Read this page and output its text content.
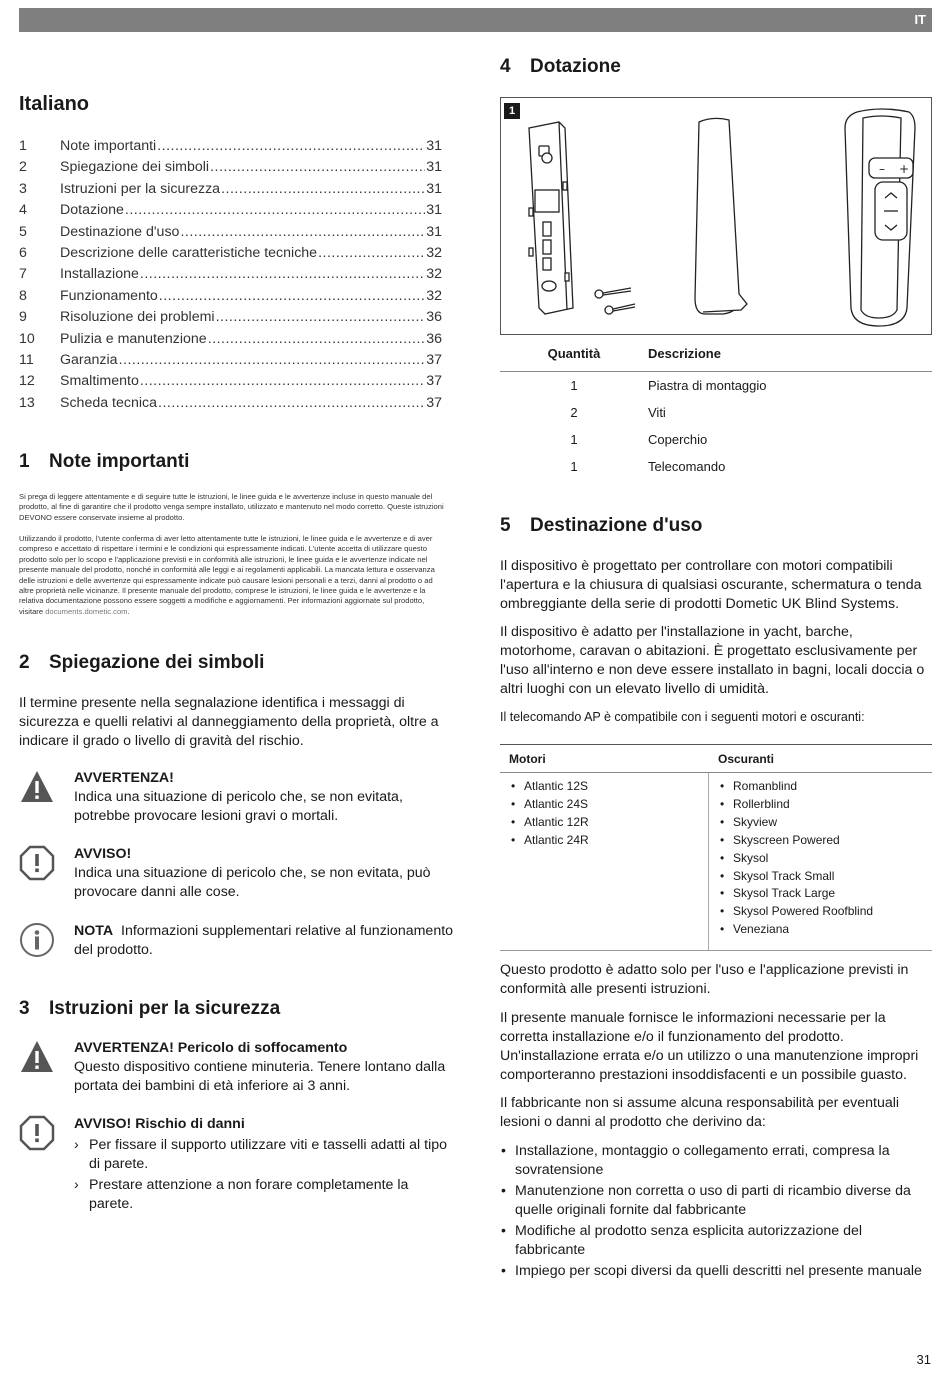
IT
Italiano
1	Note importanti .....	31
2	Spiegazione dei simboli .....	31
3	Istruzioni per la sicurezza .....	31
4	Dotazione .....	31
5	Destinazione d'uso .....	31
6	Descrizione delle caratteristiche tecniche .....	32
7	Installazione .....	32
8	Funzionamento .....	32
9	Risoluzione dei problemi .....	36
10	Pulizia e manutenzione .....	36
11	Garanzia .....	37
12	Smaltimento .....	37
13	Scheda tecnica .....	37
1 Note importanti
Si prega di leggere attentamente e di seguire tutte le istruzioni, le linee guida e le avvertenze incluse in questo manuale del prodotto, al fine di garantire che il prodotto venga sempre installato, utilizzato e mantenuto nel modo corretto. Queste istruzioni DEVONO essere conservate insieme al prodotto.
Utilizzando il prodotto, l'utente conferma di aver letto attentamente tutte le istruzioni, le linee guida e le avvertenze e di aver compreso e accettato di rispettare i termini e le condizioni qui espressamente indicati. L'utente accetta di utilizzare questo prodotto solo per lo scopo e l'applicazione previsti e in conformità alle istruzioni, le linee guida e le avvertenze indicate nel presente manuale del prodotto, nonché in conformità alle leggi e ai regolamenti applicabili. La mancata lettura e osservanza delle istruzioni e delle avvertenze qui espressamente indicate può causare lesioni personali e a terzi, danni al prodotto o ad altre proprietà nelle vicinanze. Il presente manuale del prodotto, comprese le istruzioni, le linee guida e le avvertenze e la relativa documentazione possono essere soggetti a modifiche e aggiornamenti. Per informazioni aggiornate sul prodotto, visitare documents.dometic.com.
2 Spiegazione dei simboli
Il termine presente nella segnalazione identifica i messaggi di sicurezza e quelli relativi al danneggiamento della proprietà, oltre a indicare il grado o livello di gravità del rischio.
AVVERTENZA!
Indica una situazione di pericolo che, se non evitata, potrebbe provocare lesioni gravi o mortali.
AVVISO!
Indica una situazione di pericolo che, se non evitata, può provocare danni alle cose.
NOTA Informazioni supplementari relative al funzionamento del prodotto.
3 Istruzioni per la sicurezza
AVVERTENZA! Pericolo di soffocamento
Questo dispositivo contiene minuteria. Tenere lontano dalla portata dei bambini di età inferiore ai 3 anni.
AVVISO! Rischio di danni
› Per fissare il supporto utilizzare viti e tasselli adatti al tipo di parete.
› Prestare attenzione a non forare completamente la parete.
4 Dotazione
1
– +
Quantità	Descrizione
1	Piastra di montaggio
2	Viti
1	Coperchio
1	Telecomando
5 Destinazione d'uso
Il dispositivo è progettato per controllare con motori compatibili l'apertura e la chiusura di qualsiasi oscurante, schermatura o tenda ombreggiante della serie di prodotti Dometic UK Blind Systems.
Il dispositivo è adatto per l'installazione in yacht, barche, motorhome, caravan o abitazioni. È progettato esclusivamente per l'uso all'interno e non deve essere installato in bagni, locali doccia o altri luoghi con un elevato livello di umidità.
Il telecomando AP è compatibile con i seguenti motori e oscuranti:
Motori	Oscuranti
• Atlantic 12S
• Atlantic 24S
• Atlantic 12R
• Atlantic 24R
• Romanblind
• Rollerblind
• Skyview
• Skyscreen Powered
• Skysol
• Skysol Track Small
• Skysol Track Large
• Skysol Powered Roofblind
• Veneziana
Questo prodotto è adatto solo per l'uso e l'applicazione previsti in conformità alle presenti istruzioni.
Il presente manuale fornisce le informazioni necessarie per la corretta installazione e/o il funzionamento del prodotto. Un'installazione errata e/o un utilizzo o una manutenzione impropri comporteranno prestazioni insoddisfacenti e un possibile guasto.
Il fabbricante non si assume alcuna responsabilità per eventuali lesioni o danni al prodotto che derivino da:
• Installazione, montaggio o collegamento errati, compresa la sovratensione
• Manutenzione non corretta o uso di parti di ricambio diverse da quelle originali fornite dal fabbricante
• Modifiche al prodotto senza esplicita autorizzazione del fabbricante
• Impiego per scopi diversi da quelli descritti nel presente manuale
31
